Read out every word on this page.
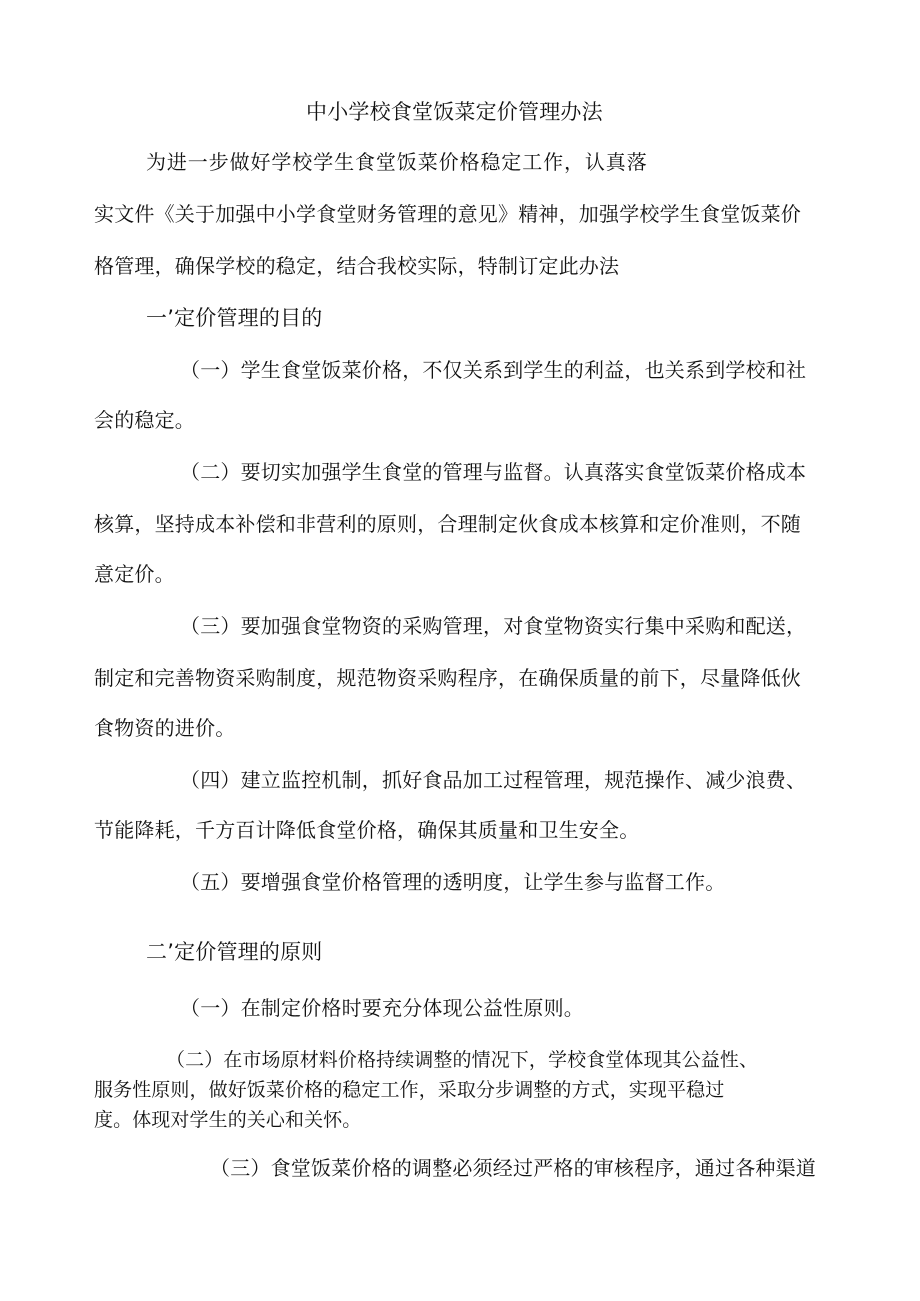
中小学校食堂饭菜定价管理办法
为进一步做好学校学生食堂饭菜价格稳定工作，认真落
实文件《关于加强中小学食堂财务管理的意见》精神，加强学校学生食堂饭菜价
格管理，确保学校的稳定，结合我校实际，特制订定此办法
一’定价管理的目的
（一）学生食堂饭菜价格，不仅关系到学生的利益，也关系到学校和社
会的稳定。
（二）要切实加强学生食堂的管理与监督。认真落实食堂饭菜价格成本
核算，坚持成本补偿和非营利的原则，合理制定伙食成本核算和定价准则，不随
意定价。
（三）要加强食堂物资的采购管理，对食堂物资实行集中采购和配送，
制定和完善物资采购制度，规范物资采购程序，在确保质量的前下，尽量降低伙
食物资的进价。
（四）建立监控机制，抓好食品加工过程管理，规范操作、减少浪费、
节能降耗，千方百计降低食堂价格，确保其质量和卫生安全。
（五）要增强食堂价格管理的透明度，让学生参与监督工作。
二’定价管理的原则
（一）在制定价格时要充分体现公益性原则。
（二）在市场原材料价格持续调整的情况下，学校食堂体现其公益性、
服务性原则，做好饭菜价格的稳定工作，采取分步调整的方式，实现平稳过
度。体现对学生的关心和关怀。
（三）食堂饭菜价格的调整必须经过严格的审核程序，通过各种渠道
